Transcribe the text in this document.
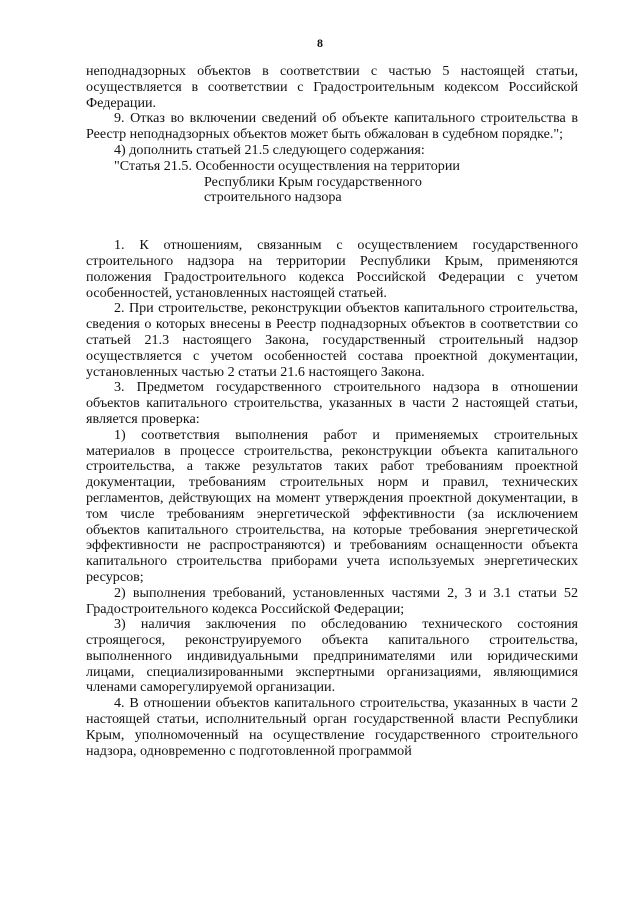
8

неподнадзорных объектов в соответствии с частью 5 настоящей статьи, осуществляется в соответствии с Градостроительным кодексом Российской Федерации.

9. Отказ во включении сведений об объекте капитального строительства в Реестр неподнадзорных объектов может быть обжалован в судебном порядке.";

4) дополнить статьей 21.5 следующего содержания:

"Статья 21.5. Особенности осуществления на территории
Республики Крым государственного
строительного надзора

1. К отношениям, связанным с осуществлением государственного строительного надзора на территории Республики Крым, применяются положения Градостроительного кодекса Российской Федерации с учетом особенностей, установленных настоящей статьей.

2. При строительстве, реконструкции объектов капитального строительства, сведения о которых внесены в Реестр поднадзорных объектов в соответствии со статьей 21.3 настоящего Закона, государственный строительный надзор осуществляется с учетом особенностей состава проектной документации, установленных частью 2 статьи 21.6 настоящего Закона.

3. Предметом государственного строительного надзора в отношении объектов капитального строительства, указанных в части 2 настоящей статьи, является проверка:

1) соответствия выполнения работ и применяемых строительных материалов в процессе строительства, реконструкции объекта капитального строительства, а также результатов таких работ требованиям проектной документации, требованиям строительных норм и правил, технических регламентов, действующих на момент утверждения проектной документации, в том числе требованиям энергетической эффективности (за исключением объектов капитального строительства, на которые требования энергетической эффективности не распространяются) и требованиям оснащенности объекта капитального строительства приборами учета используемых энергетических ресурсов;

2) выполнения требований, установленных частями 2, 3 и 3.1 статьи 52 Градостроительного кодекса Российской Федерации;

3) наличия заключения по обследованию технического состояния строящегося, реконструируемого объекта капитального строительства, выполненного индивидуальными предпринимателями или юридическими лицами, специализированными экспертными организациями, являющимися членами саморегулируемой организации.

4. В отношении объектов капитального строительства, указанных в части 2 настоящей статьи, исполнительный орган государственной власти Республики Крым, уполномоченный на осуществление государственного строительного надзора, одновременно с подготовленной программой
